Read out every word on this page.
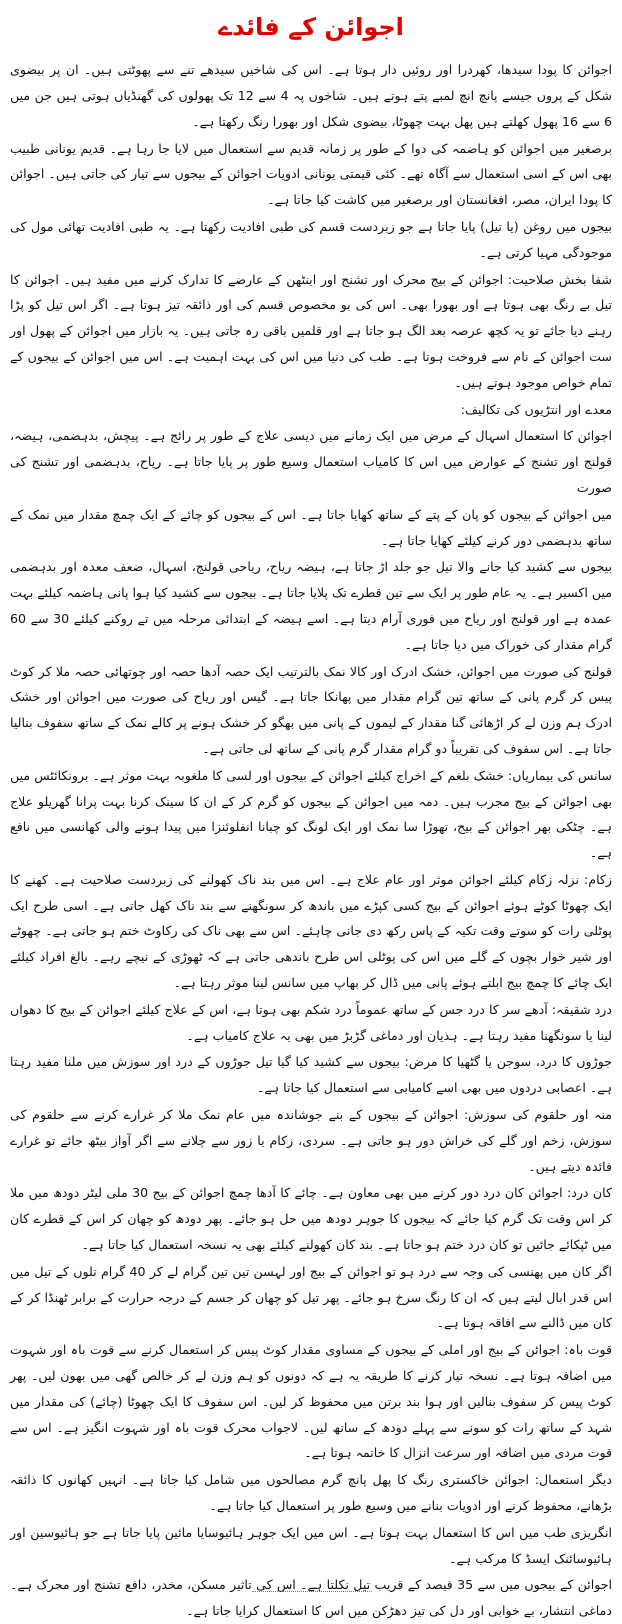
اجوائن کے فائدے

اجوائن کا پودا سیدھا، کھردرا اور روئیں دار ہوتا ہے۔ اس کی شاخیں سیدھے تنے سے پھوٹتی ہیں۔ ان پر بیضوی شکل کے پروں جیسے پانچ انچ لمبے پتے ہوتے ہیں۔ شاخوں پہ 4 سے 12 تک پھولوں کی گھنڈیاں ہوتی ہیں جن میں 6 سے 16 پھول کھلتے ہیں پھل بہت چھوٹا، بیضوی شکل اور بھورا رنگ رکھتا ہے۔

برصغیر میں اجوائن کو ہاضمہ کی دوا کے طور پر زمانہ قدیم سے استعمال میں لایا جا رہا ہے۔ قدیم یونانی طبیب بھی اس کے اسی استعمال سے آگاہ تھے۔ کئی قیمتی یونانی ادویات اجوائن کے بیجوں سے تیار کی جاتی ہیں۔ اجوائن کا پودا ایران، مصر، افغانستان اور برصغیر میں کاشت کیا جاتا ہے۔

بیجوں میں روغن (یا تیل) پایا جاتا ہے جو زبردست قسم کی طبی افادیت رکھتا ہے۔ یہ طبی افادیت تھائی مول کی موجودگی مہیا کرتی ہے۔

شفا بخش صلاحیت: اجوائن کے بیج محرک اور تشنج اور اینٹھن کے عارضے کا تدارک کرنے میں مفید ہیں۔ اجوائن کا تیل بے رنگ بھی ہوتا ہے اور بھورا بھی۔ اس کی بو مخصوص قسم کی اور ذائقہ تیز ہوتا ہے۔ اگر اس تیل کو پڑا رہنے دیا جائے تو یہ کچھ عرصہ بعد الگ ہو جاتا ہے اور قلمیں باقی رہ جاتی ہیں۔ یہ بازار میں اجوائن کے پھول اور ست اجوائن کے نام سے فروخت ہوتا ہے۔ طب کی دنیا میں اس کی بہت اہمیت ہے۔ اس میں اجوائن کے بیجوں کے تمام خواص موجود ہوتے ہیں۔

معدے اور انتڑیوں کی تکالیف:

اجوائن کا استعمال اسہال کے مرض میں ایک زمانے میں دیسی علاج کے طور پر رائج ہے۔ پیچش، بدہضمی، ہیضہ، قولنج اور تشنج کے عوارض میں اس کا کامیاب استعمال وسیع طور پر پایا جاتا ہے۔ ریاح، بدہضمی اور تشنج کی صورت

میں اجوائن کے بیجوں کو پان کے پتے کے ساتھ کھایا جاتا ہے۔ اس کے بیجوں کو چائے کے ایک چمچ مقدار میں نمک کے ساتھ بدہضمی دور کرنے کیلئے کھایا جاتا ہے۔

بیجوں سے کشید کیا جانے والا تیل جو جلد اڑ جاتا ہے، ہیضہ ریاح، ریاحی قولنج، اسہال، ضعف معدہ اور بدہضمی میں اکسیر ہے۔ یہ عام طور پر ایک سے تین قطرے تک پلایا جاتا ہے۔ بیجوں سے کشید کیا ہوا پانی ہاضمہ کیلئے بہت عمدہ ہے اور قولنج اور ریاح میں فوری آرام دیتا ہے۔ اسے ہیضہ کے ابتدائی مرحلہ میں تے روکنے کیلئے 30 سے 60 گرام مقدار کی خوراک میں دیا جاتا ہے۔

قولنج کی صورت میں اجوائن، خشک ادرک اور کالا نمک بالترتیب ایک حصہ آدھا حصہ اور چوتھائی حصہ ملا کر کوٹ پیس کر گرم پانی کے ساتھ تین گرام مقدار میں پھانکا جاتا ہے۔ گیس اور ریاح کی صورت میں اجوائن اور خشک ادرک ہم وزن لے کر اڑھائی گنا مقدار کے لیموں کے پانی میں بھگو کر خشک ہونے پر کالے نمک کے ساتھ سفوف بنالیا جاتا ہے۔ اس سفوف کی تقریباً دو گرام مقدار گرم پانی کے ساتھ لی جاتی ہے۔

سانس کی بیماریاں: خشک بلغم کے اخراج کیلئے اجوائن کے بیجوں اور لسی کا ملغوبہ بہت موثر ہے۔ برونکائٹس میں بھی اجوائن کے بیج مجرب ہیں۔ دمہ میں اجوائن کے بیجوں کو گرم کر کے ان کا سینک کرنا بہت پرانا گھریلو علاج ہے۔ چٹکی بھر اجوائن کے بیج، تھوڑا سا نمک اور ایک لونگ کو چبانا انفلوئنزا میں پیدا ہونے والی کھانسی میں نافع ہے۔

زکام: نزلہ زکام کیلئے اجوائن موثر اور عام علاج ہے۔ اس میں بند ناک کھولنے کی زبردست صلاحیت ہے۔ کھنے کا ایک چھوٹا کوٹے ہوئے اجوائن کے بیج کسی کپڑے میں باندھ کر سونگھنے سے بند ناک کھل جاتی ہے۔ اسی طرح ایک پوٹلی رات کو سوتے وقت تکیہ کے پاس رکھ دی جانی چاہئے۔ اس سے بھی ناک کی رکاوٹ ختم ہو جاتی ہے۔ چھوٹے اور شیر خوار بچوں کے گلے میں اس کی پوٹلی اس طرح باندھی جاتی ہے کہ ٹھوڑی کے نیچے رہے۔ بالغ افراد کیلئے ایک چائے کا چمچ بیج ابلتے ہوئے پانی میں ڈال کر بھاپ میں سانس لینا موثر رہتا ہے۔

درد شقیقہ: آدھے سر کا درد جس کے ساتھ عموماً درد شکم بھی ہوتا ہے، اس کے علاج کیلئے اجوائن کے بیج کا دھواں لینا یا سونگھنا مفید رہتا ہے۔ ہذیان اور دماغی گڑبڑ میں بھی یہ علاج کامیاب ہے۔

جوڑوں کا درد، سوجن یا گٹھیا کا مرض: بیجوں سے کشید کیا گیا تیل جوڑوں کے درد اور سوزش میں ملنا مفید رہتا ہے۔ اعصابی دردوں میں بھی اسے کامیابی سے استعمال کیا جاتا ہے۔

منہ اور حلقوم کی سوزش: اجوائن کے بیجوں کے بنے جوشاندہ میں عام نمک ملا کر غرارے کرنے سے حلقوم کی سوزش، زخم اور گلے کی خراش دور ہو جاتی ہے۔ سردی، زکام یا زور سے چلانے سے اگر آواز بیٹھ جائے تو غرارے فائدہ دیتے ہیں۔

کان درد: اجوائن کان درد دور کرنے میں بھی معاون ہے۔ چائے کا آدھا چمچ اجوائن کے بیج 30 ملی لیٹر دودھ میں ملا کر اس وقت تک گرم کیا جائے کہ بیجوں کا جوہر دودھ میں حل ہو جائے۔ پھر دودھ کو چھان کر اس کے قطرے کان میں ٹپکائے جائیں تو کان درد ختم ہو جاتا ہے۔ بند کان کھولنے کیلئے بھی یہ نسخہ استعمال کیا جاتا ہے۔

اگر کان میں پھنسی کی وجہ سے درد ہو تو اجوائن کے بیج اور لہسن تین تین گرام لے کر 40 گرام تلوں کے تیل میں اس قدر ابال لیتے ہیں کہ ان کا رنگ سرخ ہو جائے۔ پھر تیل کو چھان کر جسم کے درجہ حرارت کے برابر ٹھنڈا کر کے کان میں ڈالنے سے افاقہ ہوتا ہے۔

قوت باہ: اجوائن کے بیج اور املی کے بیجوں کے مساوی مقدار کوٹ پیس کر استعمال کرنے سے قوت باہ اور شہوت میں اضافہ ہوتا ہے۔ نسخہ تیار کرنے کا طریقہ یہ ہے کہ دونوں کو ہم وزن لے کر خالص گھی میں بھون لیں۔ پھر کوٹ پیس کر سفوف بنالیں اور ہوا بند برتن میں محفوظ کر لیں۔ اس سفوف کا ایک چھوٹا (چائے) کی مقدار میں شہد کے ساتھ رات کو سونے سے پہلے دودھ کے ساتھ لیں۔ لاجواب محرک قوت باہ اور شہوت انگیز ہے۔ اس سے قوت مردی میں اضافہ اور سرعت انزال کا خاتمہ ہوتا ہے۔

دیگر استعمال: اجوائن خاکستری رنگ کا پھل پانچ گرم مصالحوں میں شامل کیا جاتا ہے۔ انہیں کھانوں کا ذائقہ بڑھانے، محفوظ کرنے اور ادویات بنانے میں وسیع طور پر استعمال کیا جاتا ہے۔

انگریزی طب میں اس کا استعمال بہت ہوتا ہے۔ اس میں ایک جوہر ہائیوسایا مائین پایا جاتا ہے جو ہائیوسین اور ہائیوسائنک ایسڈ کا مرکب ہے۔

اجوائن کے بیجوں میں سے 35 فیصد کے قریب تیل نکلتا ہے۔ اس کی تاثیر مسکن، مخدر، دافع تشنج اور محرک ہے۔ دماغی انتشار، بے خوابی اور دل کی تیز دھڑکن میں اس کا استعمال کرایا جاتا ہے۔
